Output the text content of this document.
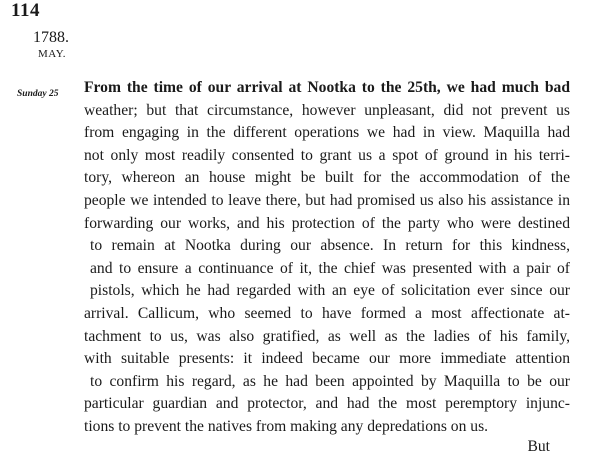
114
1788.
MAY.
Sunday 25 From the time of our arrival at Nootka to the 25th, we had much bad
weather; but that circumstance, however unpleasant, did not prevent us
from engaging in the different operations we had in view. Maquilla had
not only most readily consented to grant us a spot of ground in his terri-
tory, whereon an house might be built for the accommodation of the
people we intended to leave there, but had promised us also his assistance in
forwarding our works, and his protection of the party who were destined
to remain at Nootka during our absence. In return for this kindness,
and to ensure a continuance of it, the chief was presented with a pair of
pistols, which he had regarded with an eye of solicitation ever since our
arrival. Callicum, who seemed to have formed a most affectionate at-
tachment to us, was also gratified, as well as the ladies of his family,
with suitable presents: it indeed became our more immediate attention
to confirm his regard, as he had been appointed by Maquilla to be our
particular guardian and protector, and had the most peremptory injunc-
tions to prevent the natives from making any depredations on us.
But
